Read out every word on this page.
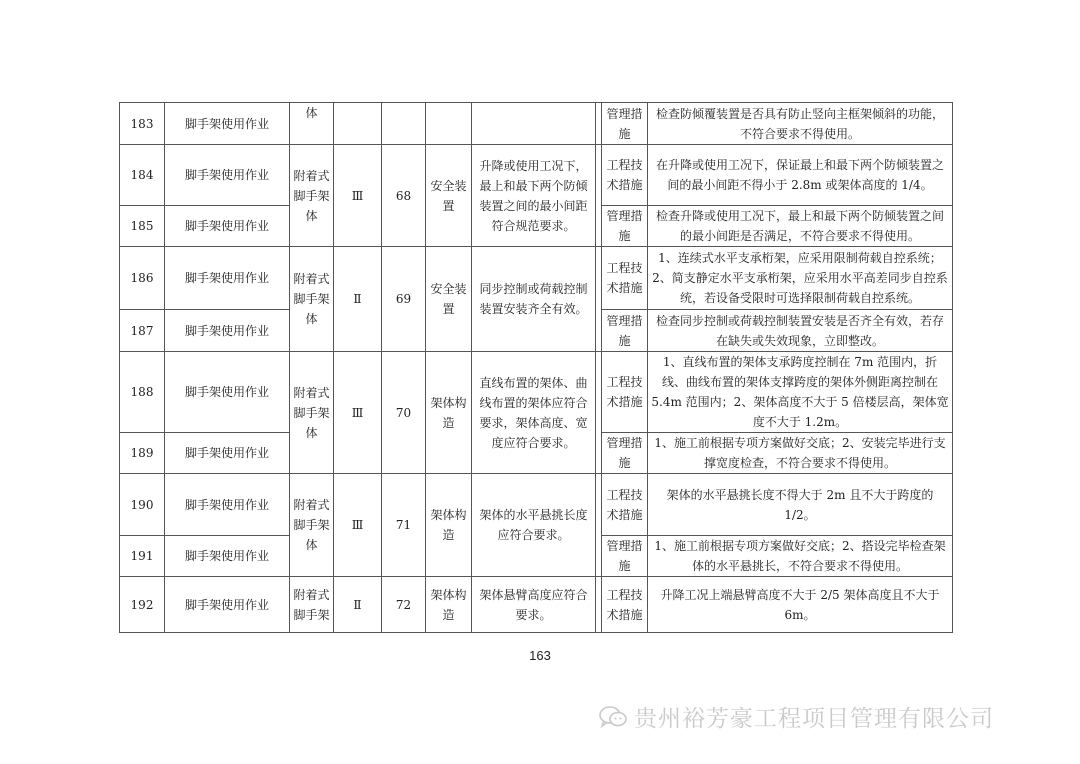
183	脚手架使用作业	体						管理措施	检查防倾覆装置是否具有防止竖向主框架倾斜的功能，不符合要求不得使用。
184	脚手架使用作业	附着式脚手架体	Ⅲ	68	安全装置	升降或使用工况下，最上和最下两个防倾装置之间的最小间距符合规范要求。		工程技术措施	在升降或使用工况下，保证最上和最下两个防倾装置之间的最小间距不得小于 2.8m 或架体高度的 1/4。
185	脚手架使用作业							管理措施	检查升降或使用工况下，最上和最下两个防倾装置之间的最小间距是否满足，不符合要求不得使用。
186	脚手架使用作业	附着式脚手架体	Ⅱ	69	安全装置	同步控制或荷载控制装置安装齐全有效。		工程技术措施	1、连续式水平支承桁架，应采用限制荷载自控系统；2、简支静定水平支承桁架，应采用水平高差同步自控系统，若设备受限时可选择限制荷载自控系统。
187	脚手架使用作业							管理措施	检查同步控制或荷载控制装置安装是否齐全有效，若存在缺失或失效现象，立即整改。
188	脚手架使用作业	附着式脚手架体	Ⅲ	70	架体构造	直线布置的架体、曲线布置的架体应符合要求，架体高度、宽度应符合要求。		工程技术措施	1、直线布置的架体支承跨度控制在 7m 范围内，折线、曲线布置的架体支撑跨度的架体外侧距离控制在 5.4m 范围内；2、架体高度不大于 5 倍楼层高，架体宽度不大于 1.2m。
189	脚手架使用作业							管理措施	1、施工前根据专项方案做好交底；2、安装完毕进行支撑宽度检查，不符合要求不得使用。
190	脚手架使用作业	附着式脚手架体	Ⅲ	71	架体构造	架体的水平悬挑长度应符合要求。		工程技术措施	架体的水平悬挑长度不得大于 2m 且不大于跨度的 1/2。
191	脚手架使用作业							管理措施	1、施工前根据专项方案做好交底；2、搭设完毕检查架体的水平悬挑长，不符合要求不得使用。
192	脚手架使用作业	附着式脚手架	Ⅱ	72	架体构造	架体悬臂高度应符合要求。		工程技术措施	升降工况上端悬臂高度不大于 2/5 架体高度且不大于 6m。
163
贵州裕芳豪工程项目管理有限公司
